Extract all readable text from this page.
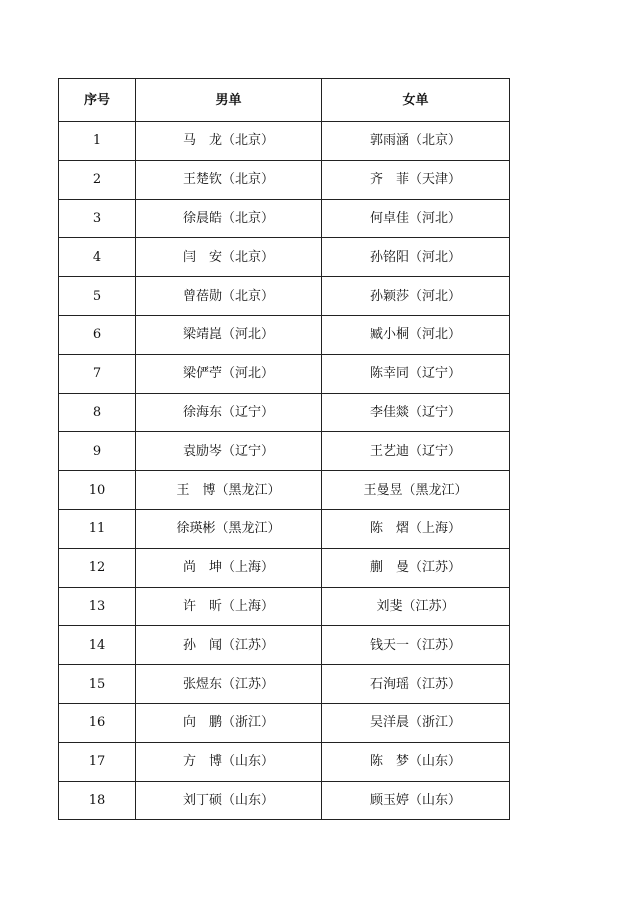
序号	男单	女单
1	马　龙（北京）	郭雨涵（北京）
2	王楚钦（北京）	齐　菲（天津）
3	徐晨皓（北京）	何卓佳（河北）
4	闫　安（北京）	孙铭阳（河北）
5	曾蓓勋（北京）	孙颖莎（河北）
6	梁靖崑（河北）	臧小桐（河北）
7	梁俨苧（河北）	陈幸同（辽宁）
8	徐海东（辽宁）	李佳燚（辽宁）
9	袁励岑（辽宁）	王艺迪（辽宁）
10	王　博（黑龙江）	王曼昱（黑龙江）
11	徐瑛彬（黑龙江）	陈　熠（上海）
12	尚　坤（上海）	蒯　曼（江苏）
13	许　昕（上海）	刘斐（江苏）
14	孙　闻（江苏）	钱天一（江苏）
15	张煜东（江苏）	石洵瑶（江苏）
16	向　鹏（浙江）	吴洋晨（浙江）
17	方　博（山东）	陈　梦（山东）
18	刘丁硕（山东）	顾玉婷（山东）
